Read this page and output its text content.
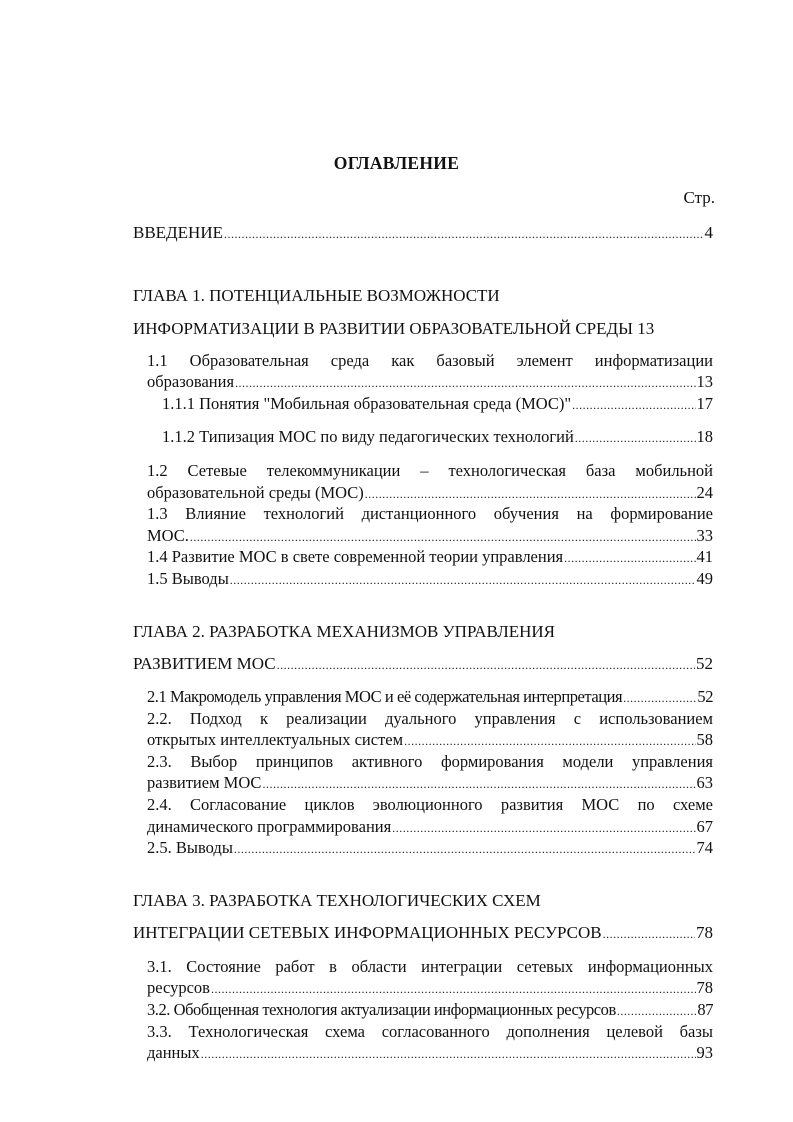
ОГЛАВЛЕНИЕ
Стр.
ВВЕДЕНИЕ .....	4
ГЛАВА 1. ПОТЕНЦИАЛЬНЫЕ ВОЗМОЖНОСТИ
ИНФОРМАТИЗАЦИИ В РАЗВИТИИ ОБРАЗОВАТЕЛЬНОЙ СРЕДЫ 13
1.1 Образовательная среда как базовый элемент информатизации
образования .....	13
1.1.1 Понятия "Мобильная образовательная среда (МОС)" .....	17
1.1.2 Типизация МОС по виду педагогических технологий .....	18
1.2 Сетевые телекоммуникации – технологическая база мобильной
образовательной среды (МОС) .....	24
1.3 Влияние технологий дистанционного обучения на формирование
МОС. .....	33
1.4 Развитие МОС в свете современной теории управления .....	41
1.5 Выводы .....	49
ГЛАВА 2. РАЗРАБОТКА МЕХАНИЗМОВ УПРАВЛЕНИЯ
РАЗВИТИЕМ МОС .....	52
2.1 Макромодель управления МОС и её содержательная интерпретация .....	52
2.2. Подход к реализации дуального управления с использованием
открытых интеллектуальных систем .....	58
2.3. Выбор принципов активного формирования модели управления
развитием МОС .....	63
2.4. Согласование циклов эволюционного развития МОС по схеме
динамического программирования .....	67
2.5. Выводы .....	74
ГЛАВА 3. РАЗРАБОТКА ТЕХНОЛОГИЧЕСКИХ СХЕМ
ИНТЕГРАЦИИ СЕТЕВЫХ ИНФОРМАЦИОННЫХ РЕСУРСОВ .....	78
3.1. Состояние работ в области интеграции сетевых информационных
ресурсов .....	78
3.2. Обобщенная технология актуализации информационных ресурсов .....	87
3.3. Технологическая схема согласованного дополнения целевой базы
данных .....	93
